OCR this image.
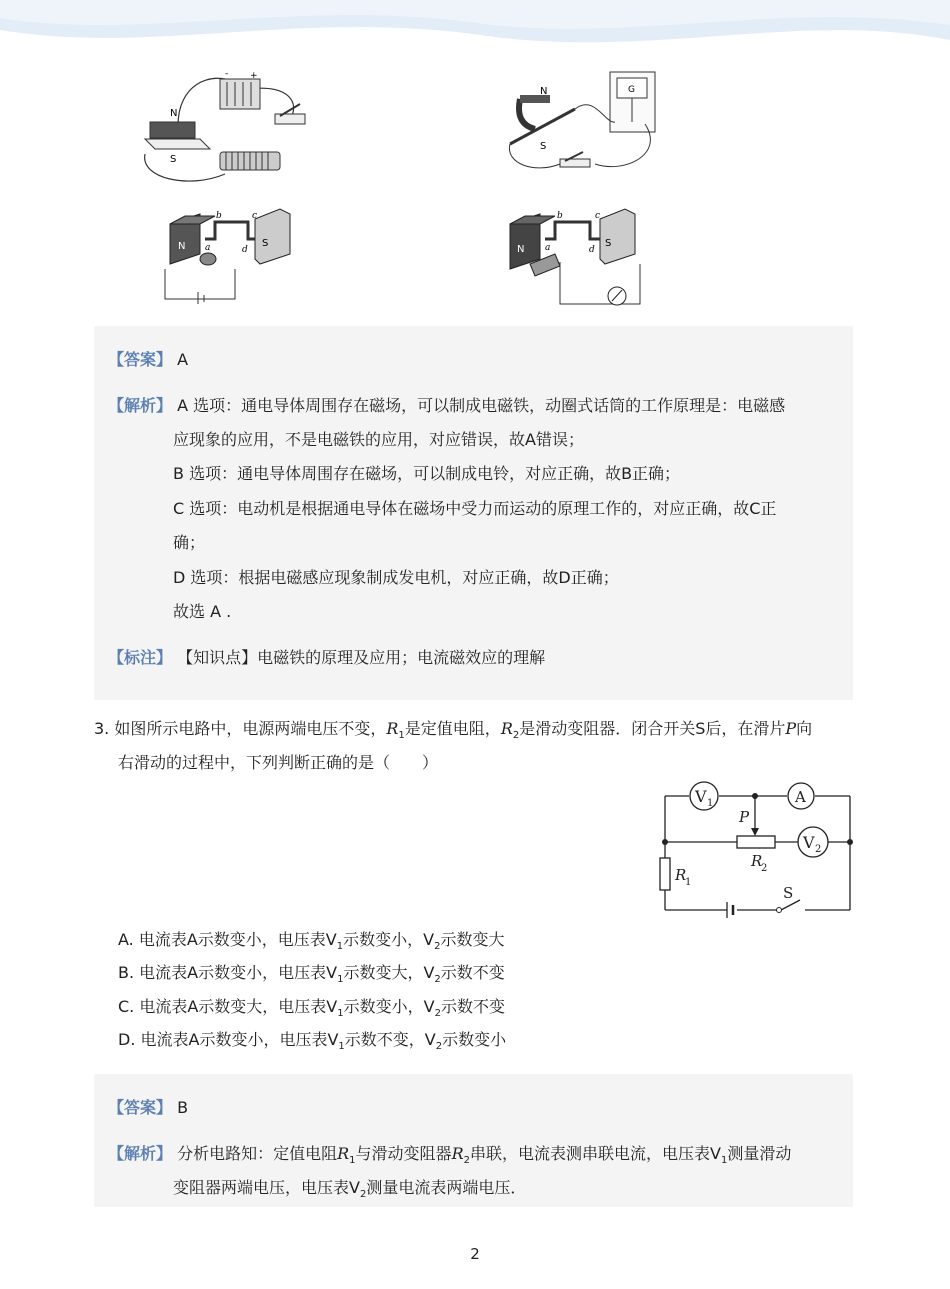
- +
N
S
G
N
S
N	S
b	c
a	d	N
S
b	c
a	d
【答案】 A
【解析】 A 选项：通电导体周围存在磁场，可以制成电磁铁，动圈式话筒的工作原理是：电磁感
应现象的应用，不是电磁铁的应用，对应错误，故A错误；
B 选项：通电导体周围存在磁场，可以制成电铃，对应正确，故B正确；
C 选项：电动机是根据通电导体在磁场中受力而运动的原理工作的，对应正确，故C正
确；
D 选项：根据电磁感应现象制成发电机，对应正确，故D正确；
故选 A .
【标注】 【知识点】电磁铁的原理及应用；电流磁效应的理解
3. 如图所示电路中，电源两端电压不变，$R_1$是定值电阻，$R_2$是滑动变阻器．闭合开关S后，在滑片P向
右滑动的过程中，下列判断正确的是（　　）
V 1	A
P
V 2
R
2
R
1
S
A. 电流表A示数变小，电压表$V_1$示数变小，$V_2$示数变大
B. 电流表A示数变小，电压表$V_1$示数变大，$V_2$示数不变
C. 电流表A示数变大，电压表$V_1$示数变小，$V_2$示数不变
D. 电流表A示数变小，电压表$V_1$示数不变，$V_2$示数变小
【答案】 B
【解析】 分析电路知：定值电阻$R_1$与滑动变阻器$R_2$串联，电流表测串联电流，电压表$V_1$测量滑动
变阻器两端电压，电压表$V_2$测量电流表两端电压．
2
